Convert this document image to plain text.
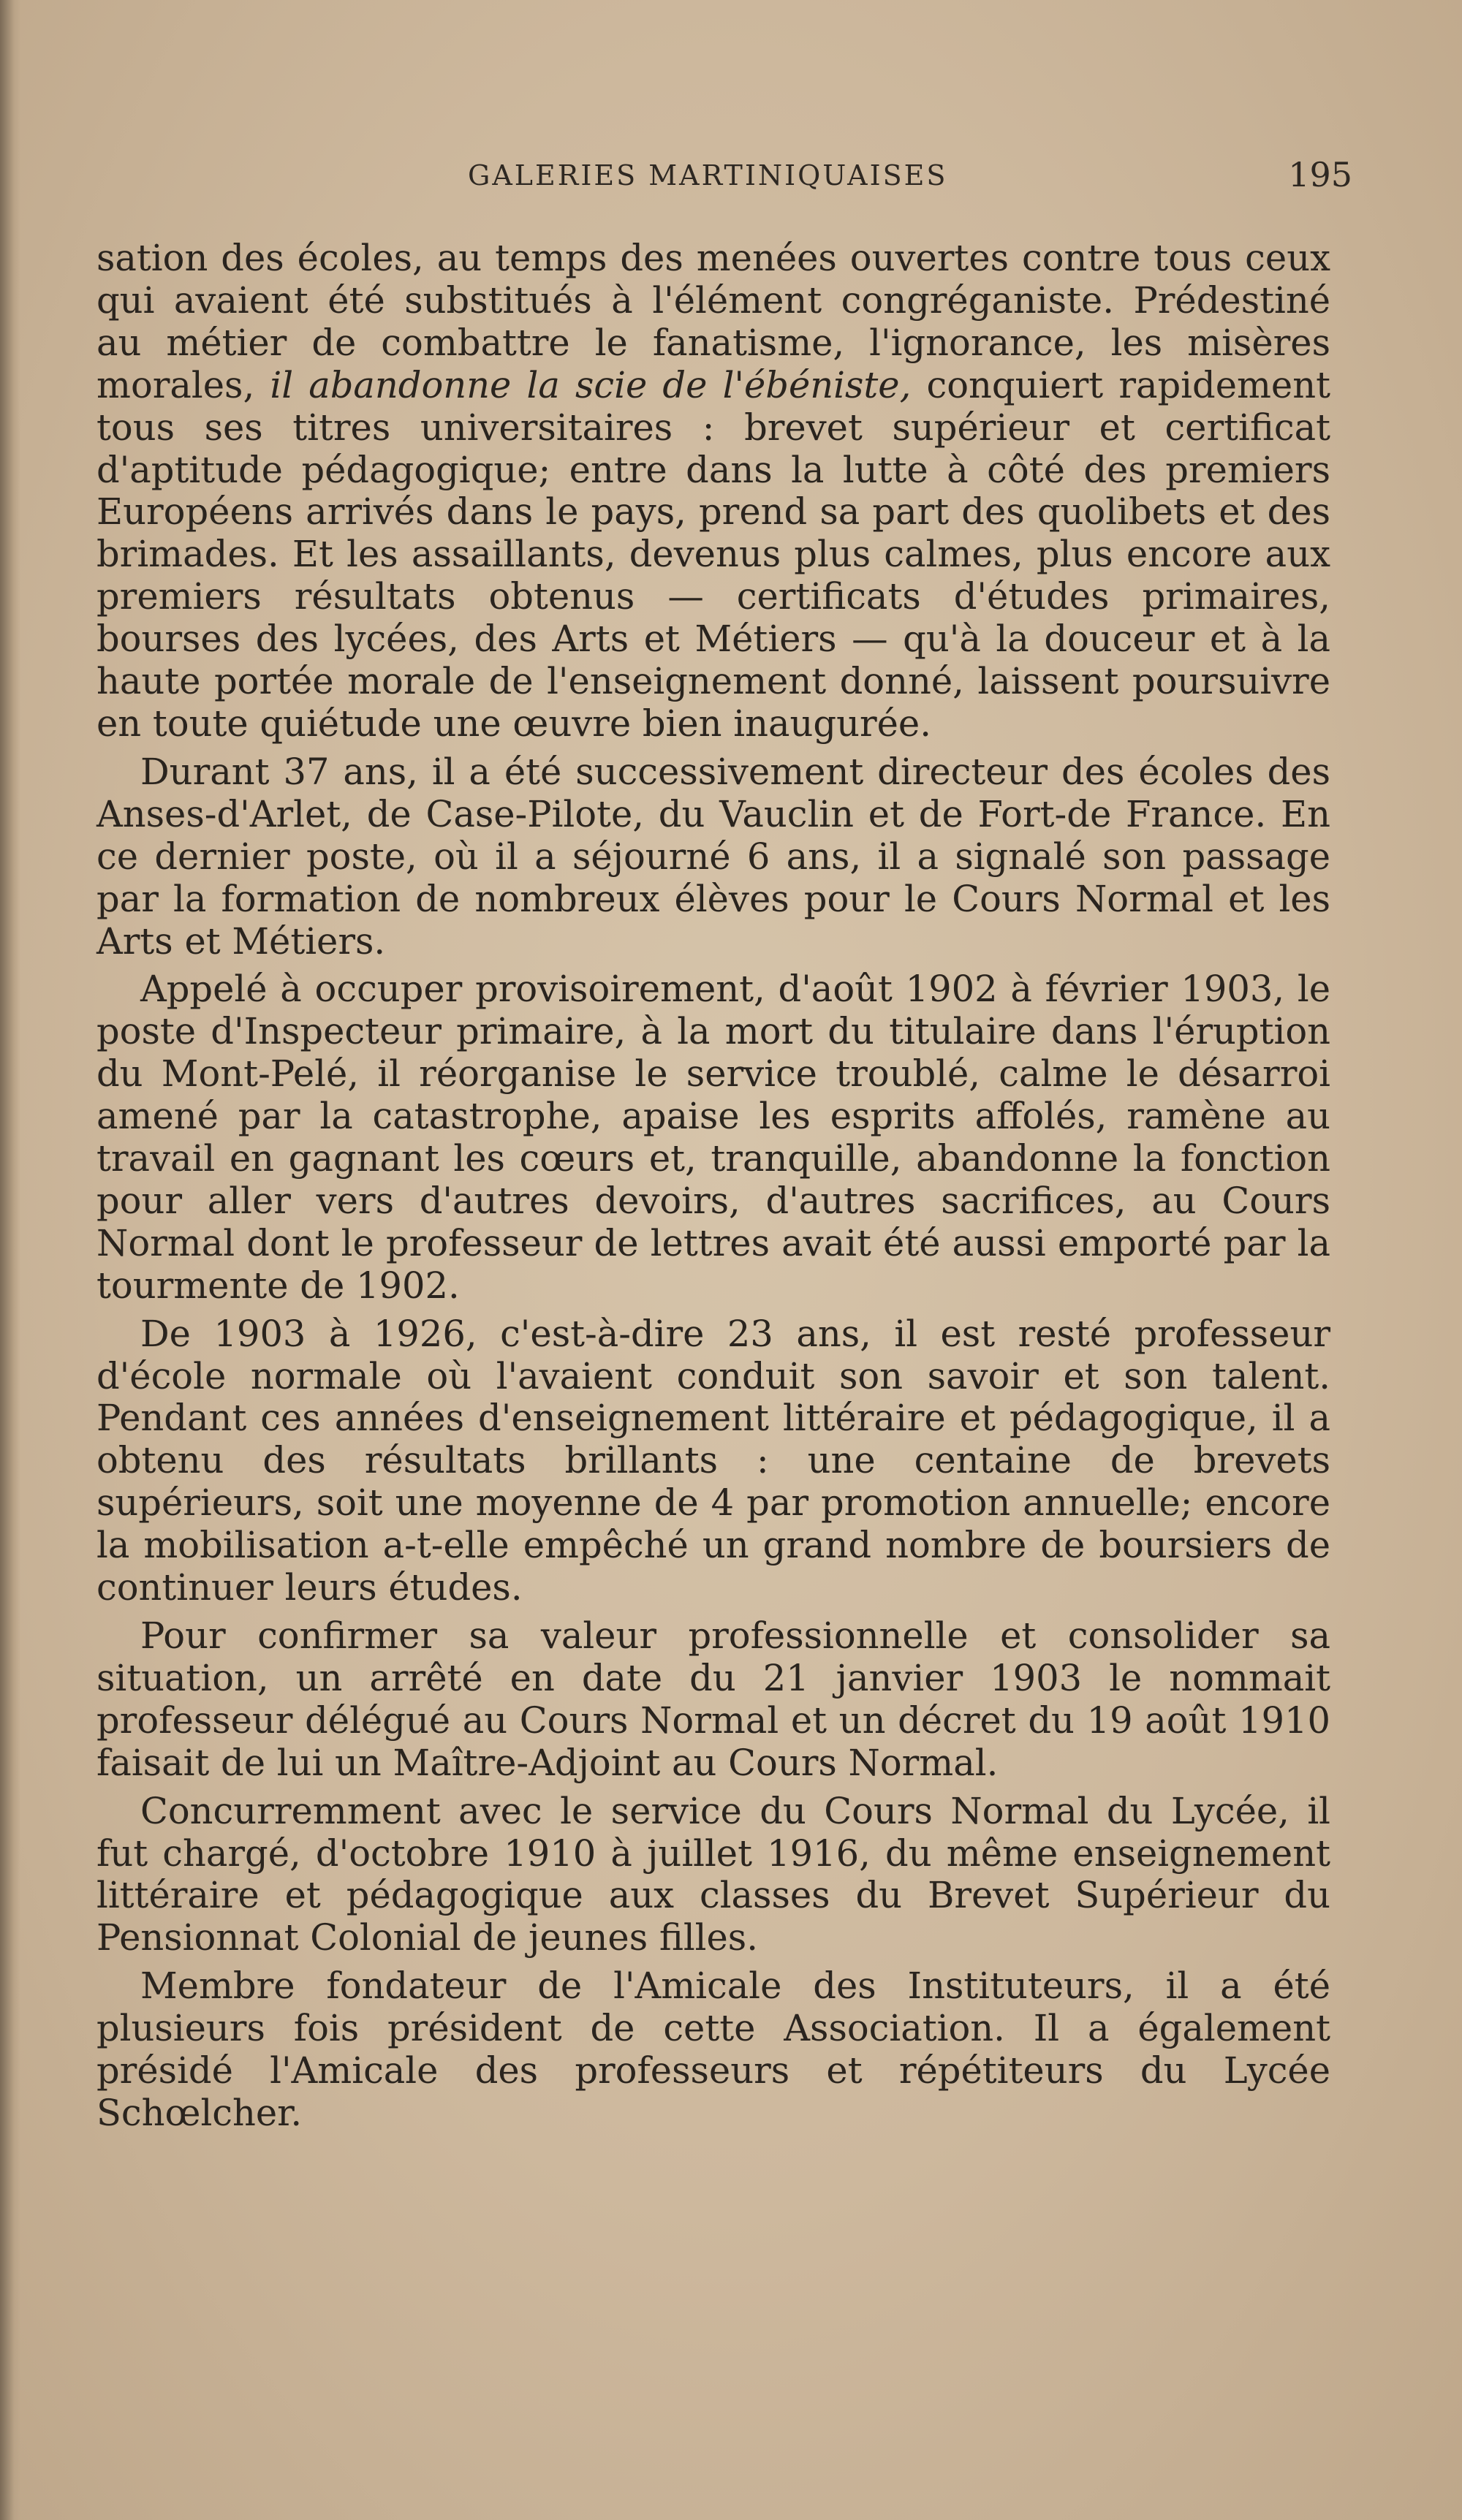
GALERIES MARTINIQUAISES	195

sation des écoles, au temps des menées ouvertes contre tous ceux qui avaient été substitués à l'élément congréganiste. Prédestiné au métier de combattre le fanatisme, l'ignorance, les misères morales, il abandonne la scie de l'ébéniste, conquiert rapidement tous ses titres universitaires : brevet supérieur et certificat d'aptitude pédagogique; entre dans la lutte à côté des premiers Européens arrivés dans le pays, prend sa part des quolibets et des brimades. Et les assaillants, devenus plus calmes, plus encore aux premiers résultats obtenus — certificats d'études primaires, bourses des lycées, des Arts et Métiers — qu'à la douceur et à la haute portée morale de l'enseignement donné, laissent poursuivre en toute quiétude une œuvre bien inaugurée.

Durant 37 ans, il a été successivement directeur des écoles des Anses-d'Arlet, de Case-Pilote, du Vauclin et de Fort-de France. En ce dernier poste, où il a séjourné 6 ans, il a signalé son passage par la formation de nombreux élèves pour le Cours Normal et les Arts et Métiers.

Appelé à occuper provisoirement, d'août 1902 à février 1903, le poste d'Inspecteur primaire, à la mort du titulaire dans l'éruption du Mont-Pelé, il réorganise le service troublé, calme le désarroi amené par la catastrophe, apaise les esprits affolés, ramène au travail en gagnant les cœurs et, tranquille, abandonne la fonction pour aller vers d'autres devoirs, d'autres sacrifices, au Cours Normal dont le professeur de lettres avait été aussi emporté par la tourmente de 1902.

De 1903 à 1926, c'est-à-dire 23 ans, il est resté professeur d'école normale où l'avaient conduit son savoir et son talent. Pendant ces années d'enseignement littéraire et pédagogique, il a obtenu des résultats brillants : une centaine de brevets supérieurs, soit une moyenne de 4 par promotion annuelle; encore la mobilisation a-t-elle empêché un grand nombre de boursiers de continuer leurs études.

Pour confirmer sa valeur professionnelle et consolider sa situation, un arrêté en date du 21 janvier 1903 le nommait professeur délégué au Cours Normal et un décret du 19 août 1910 faisait de lui un Maître-Adjoint au Cours Normal.

Concurremment avec le service du Cours Normal du Lycée, il fut chargé, d'octobre 1910 à juillet 1916, du même enseignement littéraire et pédagogique aux classes du Brevet Supérieur du Pensionnat Colonial de jeunes filles.

Membre fondateur de l'Amicale des Instituteurs, il a été plusieurs fois président de cette Association. Il a également présidé l'Amicale des professeurs et répétiteurs du Lycée Schœlcher.
